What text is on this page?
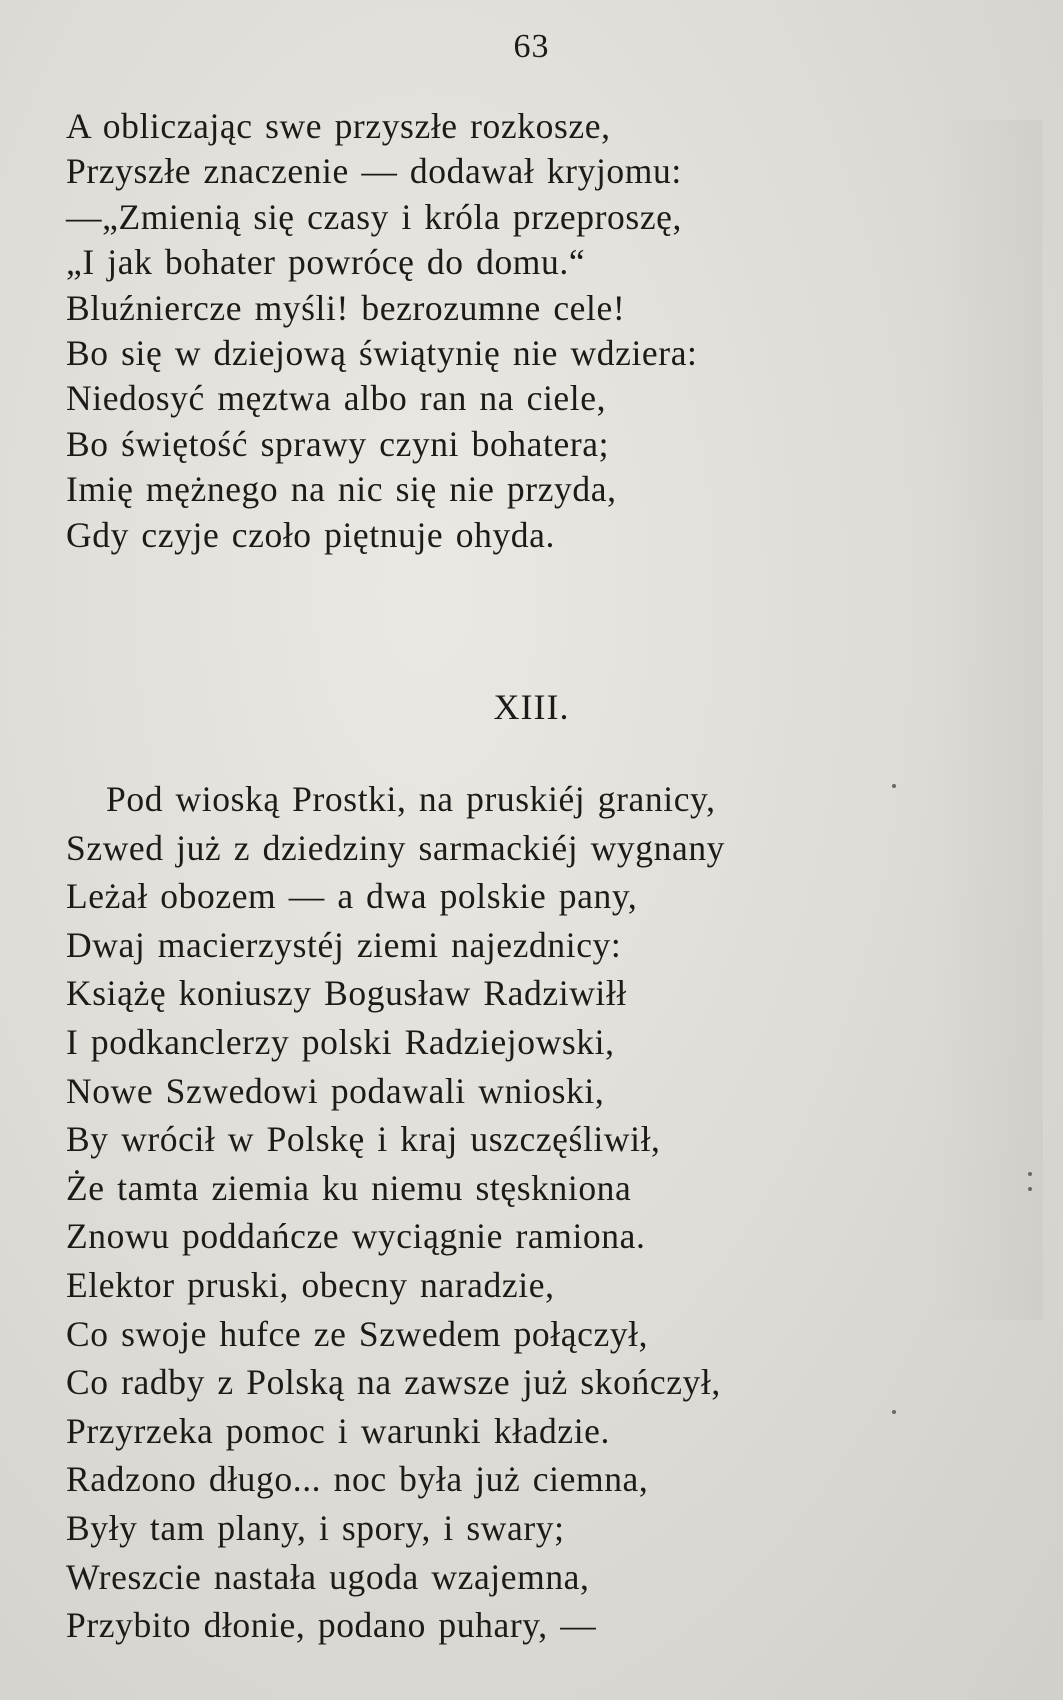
63
A obliczając swe przyszłe rozkosze,
Przyszłe znaczenie — dodawał kryjomu:
—„Zmienią się czasy i króla przeproszę,
„I jak bohater powrócę do domu.“
Bluźniercze myśli! bezrozumne cele!
Bo się w dziejową świątynię nie wdziera:
Niedosyć męztwa albo ran na ciele,
Bo świętość sprawy czyni bohatera;
Imię mężnego na nic się nie przyda,
Gdy czyje czoło piętnuje ohyda.
XIII.
Pod wioską Prostki, na pruskiéj granicy,
Szwed już z dziedziny sarmackiéj wygnany
Leżał obozem — a dwa polskie pany,
Dwaj macierzystéj ziemi najezdnicy:
Książę koniuszy Bogusław Radziwiłł
I podkanclerzy polski Radziejowski,
Nowe Szwedowi podawali wnioski,
By wrócił w Polskę i kraj uszczęśliwił,
Że tamta ziemia ku niemu stęskniona
Znowu poddańcze wyciągnie ramiona.
Elektor pruski, obecny naradzie,
Co swoje hufce ze Szwedem połączył,
Co radby z Polską na zawsze już skończył,
Przyrzeka pomoc i warunki kładzie.
Radzono długo... noc była już ciemna,
Były tam plany, i spory, i swary;
Wreszcie nastała ugoda wzajemna,
Przybito dłonie, podano puhary, —
